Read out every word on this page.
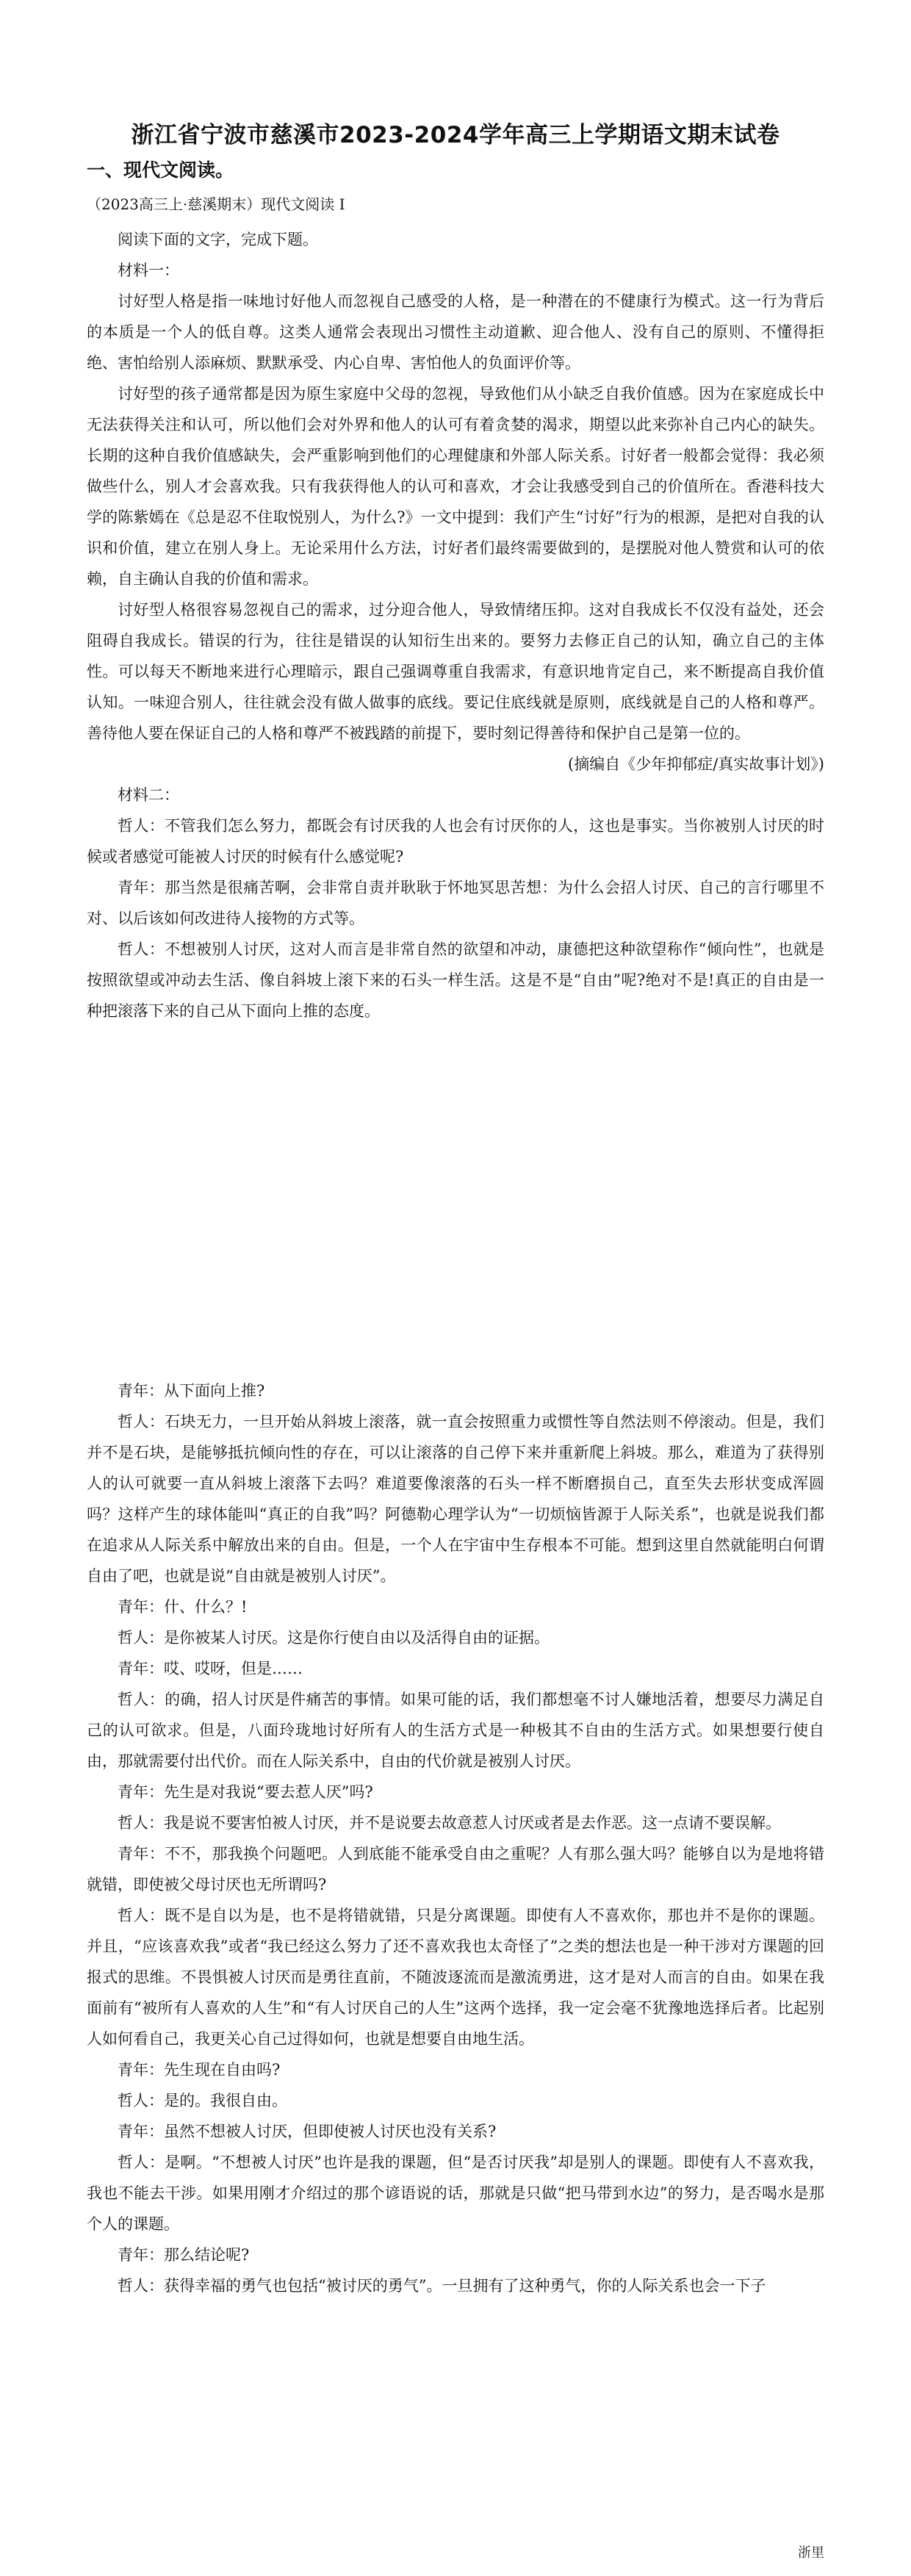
浙江省宁波市慈溪市2023-2024学年高三上学期语文期末试卷
一、现代文阅读。
（2023高三上·慈溪期末）现代文阅读 I

阅读下面的文字，完成下题。

材料一：

讨好型人格是指一味地讨好他人而忽视自己感受的人格，是一种潜在的不健康行为模式。这一行为背后的本质是一个人的低自尊。这类人通常会表现出习惯性主动道歉、迎合他人、没有自己的原则、不懂得拒绝、害怕给别人添麻烦、默默承受、内心自卑、害怕他人的负面评价等。

讨好型的孩子通常都是因为原生家庭中父母的忽视，导致他们从小缺乏自我价值感。因为在家庭成长中无法获得关注和认可，所以他们会对外界和他人的认可有着贪婪的渴求，期望以此来弥补自己内心的缺失。长期的这种自我价值感缺失，会严重影响到他们的心理健康和外部人际关系。讨好者一般都会觉得：我必须做些什么，别人才会喜欢我。只有我获得他人的认可和喜欢，才会让我感受到自己的价值所在。香港科技大学的陈紫嫣在《总是忍不住取悦别人，为什么?》一文中提到：我们产生“讨好”行为的根源，是把对自我的认识和价值，建立在别人身上。无论采用什么方法，讨好者们最终需要做到的，是摆脱对他人赞赏和认可的依赖，自主确认自我的价值和需求。

讨好型人格很容易忽视自己的需求，过分迎合他人，导致情绪压抑。这对自我成长不仅没有益处，还会阻碍自我成长。错误的行为，往往是错误的认知衍生出来的。要努力去修正自己的认知，确立自己的主体性。可以每天不断地来进行心理暗示，跟自己强调尊重自我需求，有意识地肯定自己，来不断提高自我价值认知。一味迎合别人，往往就会没有做人做事的底线。要记住底线就是原则，底线就是自己的人格和尊严。善待他人要在保证自己的人格和尊严不被践踏的前提下，要时刻记得善待和保护自己是第一位的。

(摘编自《少年抑郁症/真实故事计划》)

材料二：

哲人：不管我们怎么努力，都既会有讨厌我的人也会有讨厌你的人，这也是事实。当你被别人讨厌的时候或者感觉可能被人讨厌的时候有什么感觉呢?

青年：那当然是很痛苦啊，会非常自责并耿耿于怀地冥思苦想：为什么会招人讨厌、自己的言行哪里不对、以后该如何改进待人接物的方式等。

哲人：不想被别人讨厌，这对人而言是非常自然的欲望和冲动，康德把这种欲望称作“倾向性”，也就是按照欲望或冲动去生活、像自斜坡上滚下来的石头一样生活。这是不是“自由”呢?绝对不是!真正的自由是一种把滚落下来的自己从下面向上推的态度。

青年：从下面向上推?

哲人：石块无力，一旦开始从斜坡上滚落，就一直会按照重力或惯性等自然法则不停滚动。但是，我们并不是石块，是能够抵抗倾向性的存在，可以让滚落的自己停下来并重新爬上斜坡。那么，难道为了获得别人的认可就要一直从斜坡上滚落下去吗？难道要像滚落的石头一样不断磨损自己，直至失去形状变成浑圆吗？这样产生的球体能叫“真正的自我”吗？阿德勒心理学认为“一切烦恼皆源于人际关系”，也就是说我们都在追求从人际关系中解放出来的自由。但是，一个人在宇宙中生存根本不可能。想到这里自然就能明白何谓自由了吧，也就是说“自由就是被别人讨厌”。

青年：什、什么？!

哲人：是你被某人讨厌。这是你行使自由以及活得自由的证据。

青年：哎、哎呀，但是……

哲人：的确，招人讨厌是件痛苦的事情。如果可能的话，我们都想毫不讨人嫌地活着，想要尽力满足自己的认可欲求。但是，八面玲珑地讨好所有人的生活方式是一种极其不自由的生活方式。如果想要行使自由，那就需要付出代价。而在人际关系中，自由的代价就是被别人讨厌。

青年：先生是对我说“要去惹人厌”吗?

哲人：我是说不要害怕被人讨厌，并不是说要去故意惹人讨厌或者是去作恶。这一点请不要误解。

青年：不不，那我换个问题吧。人到底能不能承受自由之重呢？人有那么强大吗？能够自以为是地将错就错，即使被父母讨厌也无所谓吗?

哲人：既不是自以为是，也不是将错就错，只是分离课题。即使有人不喜欢你，那也并不是你的课题。并且，“应该喜欢我”或者“我已经这么努力了还不喜欢我也太奇怪了”之类的想法也是一种干涉对方课题的回报式的思维。不畏惧被人讨厌而是勇往直前，不随波逐流而是激流勇进，这才是对人而言的自由。如果在我面前有“被所有人喜欢的人生”和“有人讨厌自己的人生”这两个选择，我一定会毫不犹豫地选择后者。比起别人如何看自己，我更关心自己过得如何，也就是想要自由地生活。

青年：先生现在自由吗?

哲人：是的。我很自由。

青年：虽然不想被人讨厌，但即使被人讨厌也没有关系?

哲人：是啊。“不想被人讨厌”也许是我的课题，但“是否讨厌我”却是别人的课题。即使有人不喜欢我，我也不能去干涉。如果用刚才介绍过的那个谚语说的话，那就是只做“把马带到水边”的努力，是否喝水是那个人的课题。

青年：那么结论呢?

哲人：获得幸福的勇气也包括“被讨厌的勇气”。一旦拥有了这种勇气，你的人际关系也会一下子

浙里
